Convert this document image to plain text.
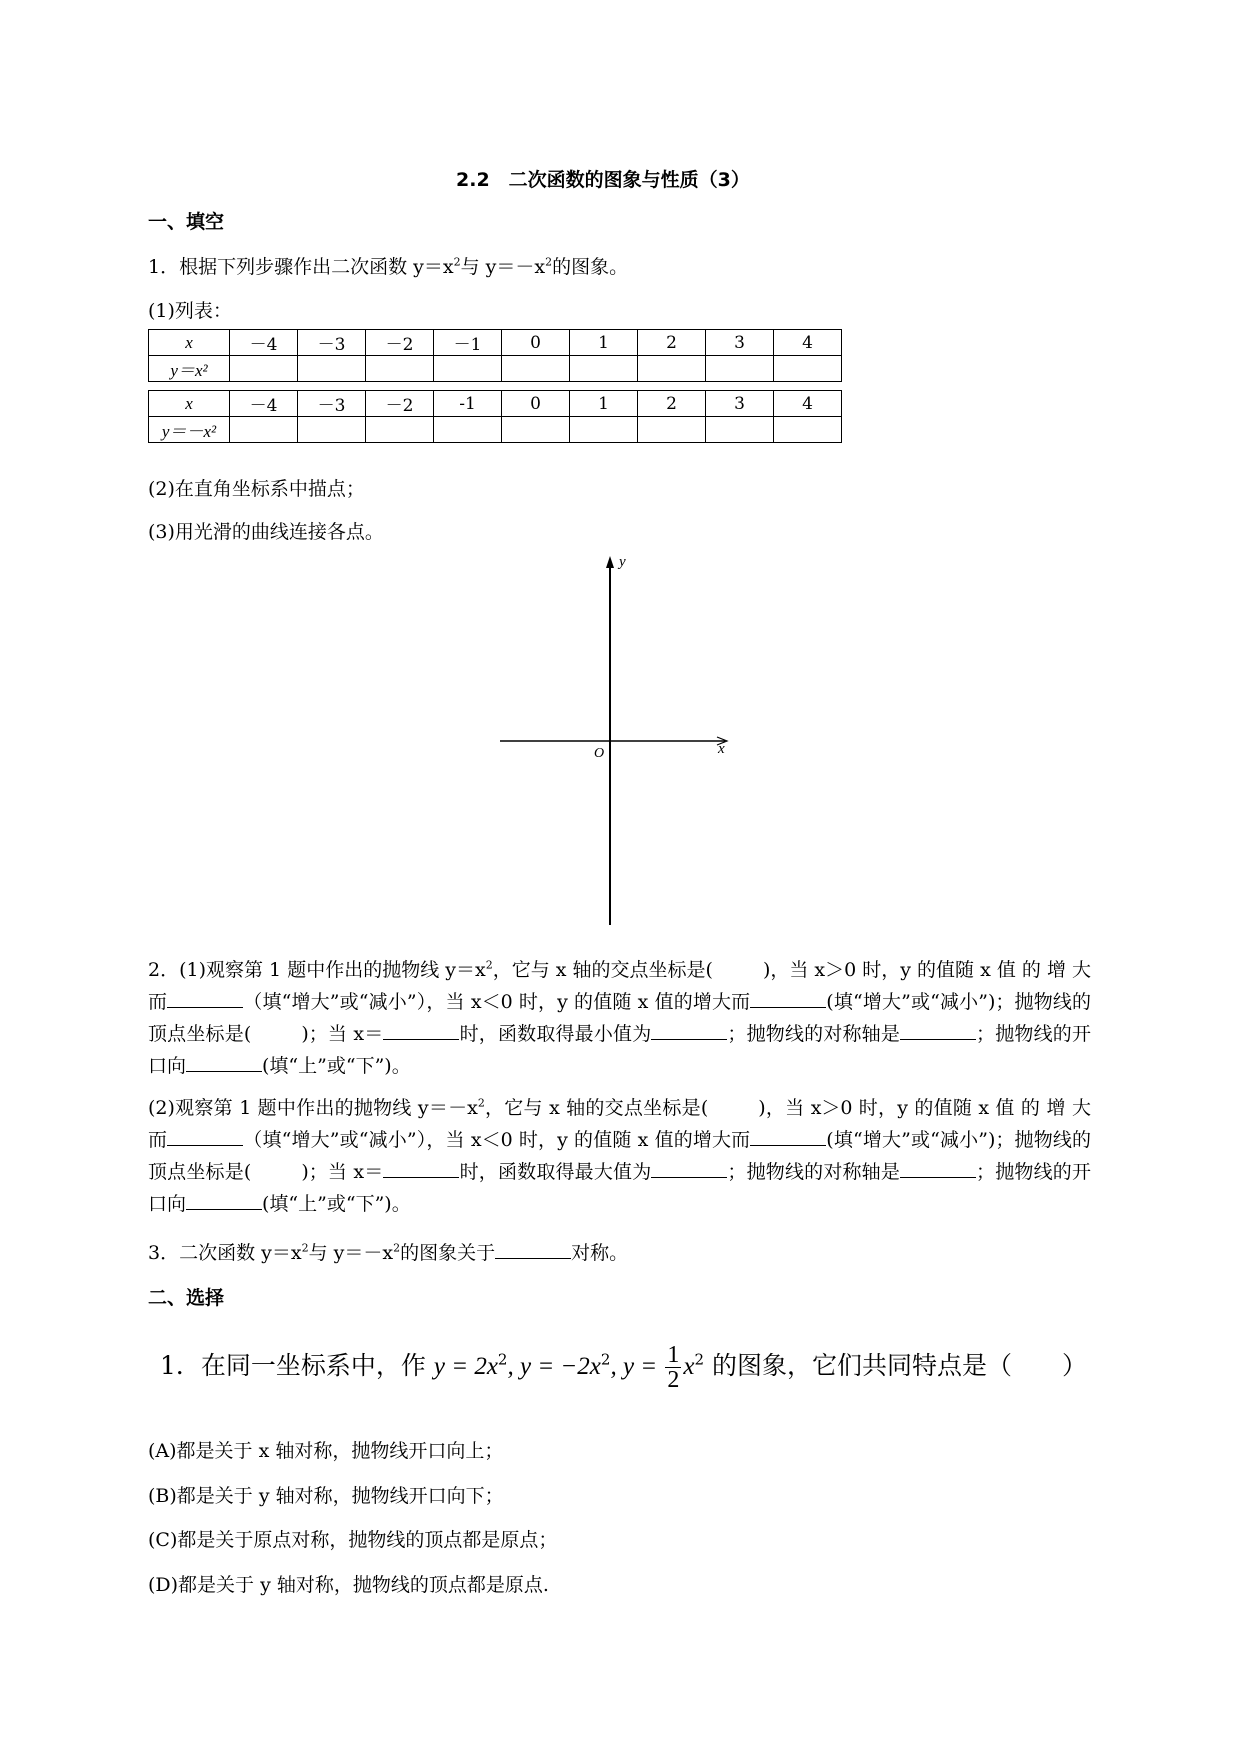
2.2　二次函数的图象与性质（3）
一、填空
1．根据下列步骤作出二次函数 $y=x^2$与 $y=-x^2$的图象。
(1)列表：
x	－4	－3	－2	－1	0	1	2	3	4
y＝x²									
x	－4	－3	－2	-1	0	1	2	3	4
y＝－x²									
(2)在直角坐标系中描点；
(3)用光滑的曲线连接各点。
y
x
O
2．(1)观察第 1 题中作出的抛物线 $y=x^2$，它与 x 轴的交点坐标是(	)，当 x＞0 时，y 的值随 x 值 的 增 大 而	（填“增大”或“减小”），当 x＜0 时，y 的值随 x 值的增大而	(填“增大”或“减小”)；抛物线的顶点坐标是(	)；当 x＝	时，函数取得最小值为	；抛物线的对称轴是	；抛物线的开口向	(填“上”或“下”)。
(2)观察第 1 题中作出的抛物线 $y=-x^2$，它与 x 轴的交点坐标是(	)，当 x＞0 时，y 的值随 x 值 的 增 大 而	（填“增大”或“减小”），当 x＜0 时，y 的值随 x 值的增大而	(填“增大”或“减小”)；抛物线的顶点坐标是(	)；当 x＝	时，函数取得最大值为	；抛物线的对称轴是	；抛物线的开口向	(填“上”或“下”)。
3．二次函数 $y=x^2$与 $y=-x^2$的图象关于	对称。
二、选择
1．在同一坐标系中，作 $y = 2x^2$, $y = -2x^2$, $y = \frac{1}{2} x^2$ 的图象，它们共同特点是（　　）
(A)都是关于 x 轴对称，抛物线开口向上；
(B)都是关于 y 轴对称，抛物线开口向下；
(C)都是关于原点对称，抛物线的顶点都是原点；
(D)都是关于 y 轴对称，抛物线的顶点都是原点.
